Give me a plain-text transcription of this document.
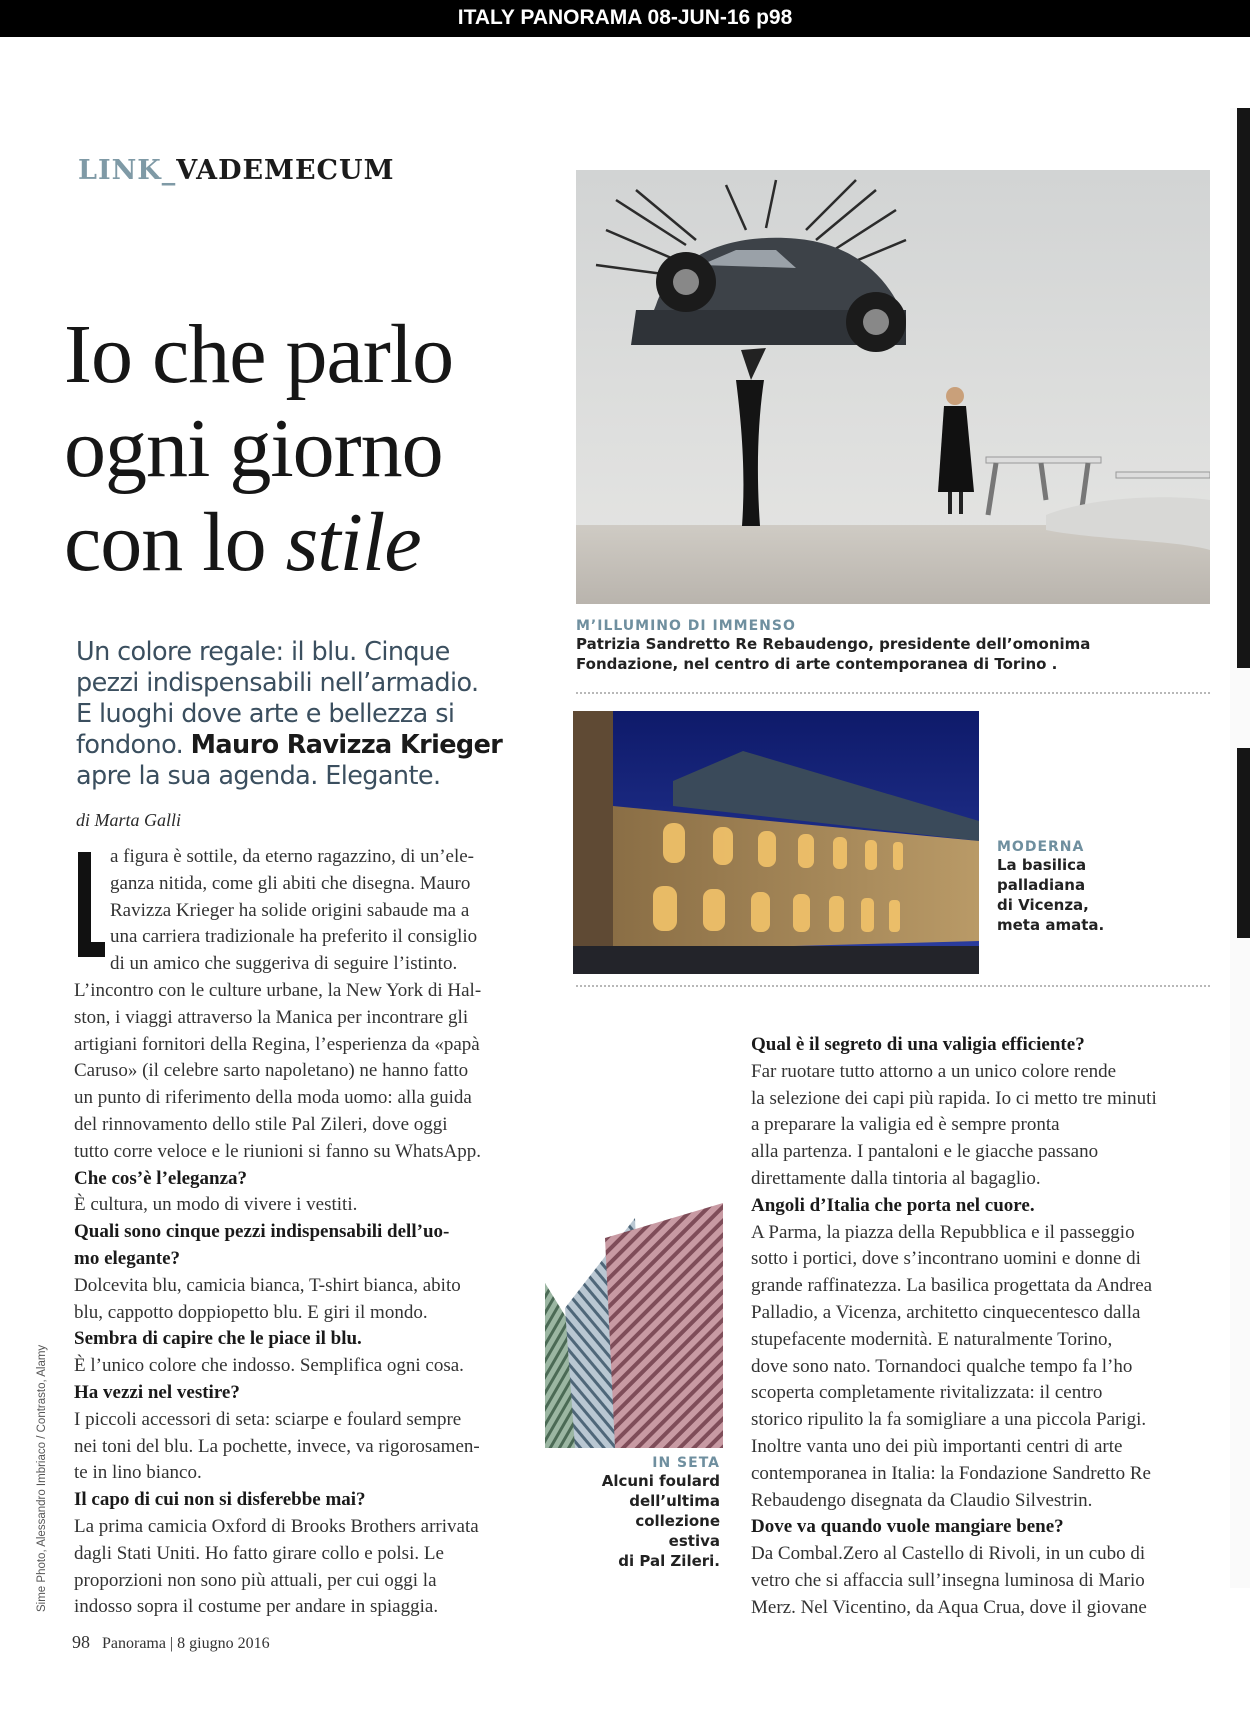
ITALY PANORAMA 08-JUN-16 p98
LINK_VADEMECUM
Io che parlo
ogni giorno
con lo stile
Un colore regale: il blu. Cinque
pezzi indispensabili nell’armadio.
E luoghi dove arte e bellezza si
fondono. Mauro Ravizza Krieger
apre la sua agenda. Elegante.
di Marta Galli
a figura è sottile, da eterno ragazzino, di un’ele-
ganza nitida, come gli abiti che disegna. Mauro
Ravizza Krieger ha solide origini sabaude ma a
una carriera tradizionale ha preferito il consiglio
di un amico che suggeriva di seguire l’istinto.
L’incontro con le culture urbane, la New York di Hal-
ston, i viaggi attraverso la Manica per incontrare gli
artigiani fornitori della Regina, l’esperienza da «papà
Caruso» (il celebre sarto napoletano) ne hanno fatto
un punto di riferimento della moda uomo: alla guida
del rinnovamento dello stile Pal Zileri, dove oggi
tutto corre veloce e le riunioni si fanno su WhatsApp.
Che cos’è l’eleganza?
È cultura, un modo di vivere i vestiti.
Quali sono cinque pezzi indispensabili dell’uo-
mo elegante?
Dolcevita blu, camicia bianca, T-shirt bianca, abito
blu, cappotto doppiopetto blu. E giri il mondo.
Sembra di capire che le piace il blu.
È l’unico colore che indosso. Semplifica ogni cosa.
Ha vezzi nel vestire?
I piccoli accessori di seta: sciarpe e foulard sempre
nei toni del blu. La pochette, invece, va rigorosamen-
te in lino bianco.
Il capo di cui non si disferebbe mai?
La prima camicia Oxford di Brooks Brothers arrivata
dagli Stati Uniti. Ho fatto girare collo e polsi. Le
proporzioni non sono più attuali, per cui oggi la
indosso sopra il costume per andare in spiaggia.
Qual è il segreto di una valigia efficiente?
Far ruotare tutto attorno a un unico colore rende
la selezione dei capi più rapida. Io ci metto tre minuti
a preparare la valigia ed è sempre pronta
alla partenza. I pantaloni e le giacche passano
direttamente dalla tintoria al bagaglio.
Angoli d’Italia che porta nel cuore.
A Parma, la piazza della Repubblica e il passeggio
sotto i portici, dove s’incontrano uomini e donne di
grande raffinatezza. La basilica progettata da Andrea
Palladio, a Vicenza, architetto cinquecentesco dalla
stupefacente modernità. E naturalmente Torino,
dove sono nato. Tornandoci qualche tempo fa l’ho
scoperta completamente rivitalizzata: il centro
storico ripulito la fa somigliare a una piccola Parigi.
Inoltre vanta uno dei più importanti centri di arte
contemporanea in Italia: la Fondazione Sandretto Re
Rebaudengo disegnata da Claudio Silvestrin.
Dove va quando vuole mangiare bene?
Da Combal.Zero al Castello di Rivoli, in un cubo di
vetro che si affaccia sull’insegna luminosa di Mario
Merz. Nel Vicentino, da Aqua Crua, dove il giovane
M’ILLUMINO DI IMMENSO
Patrizia Sandretto Re Rebaudengo, presidente dell’omonima
Fondazione, nel centro di arte contemporanea di Torino .
MODERNA
La basilica
palladiana
di Vicenza,
meta amata.
IN SETA
Alcuni foulard
dell’ultima
collezione
estiva
di Pal Zileri.
Sime Photo, Alessandro Imbriaco / Contrasto, Alamy
98 Panorama | 8 giugno 2016
